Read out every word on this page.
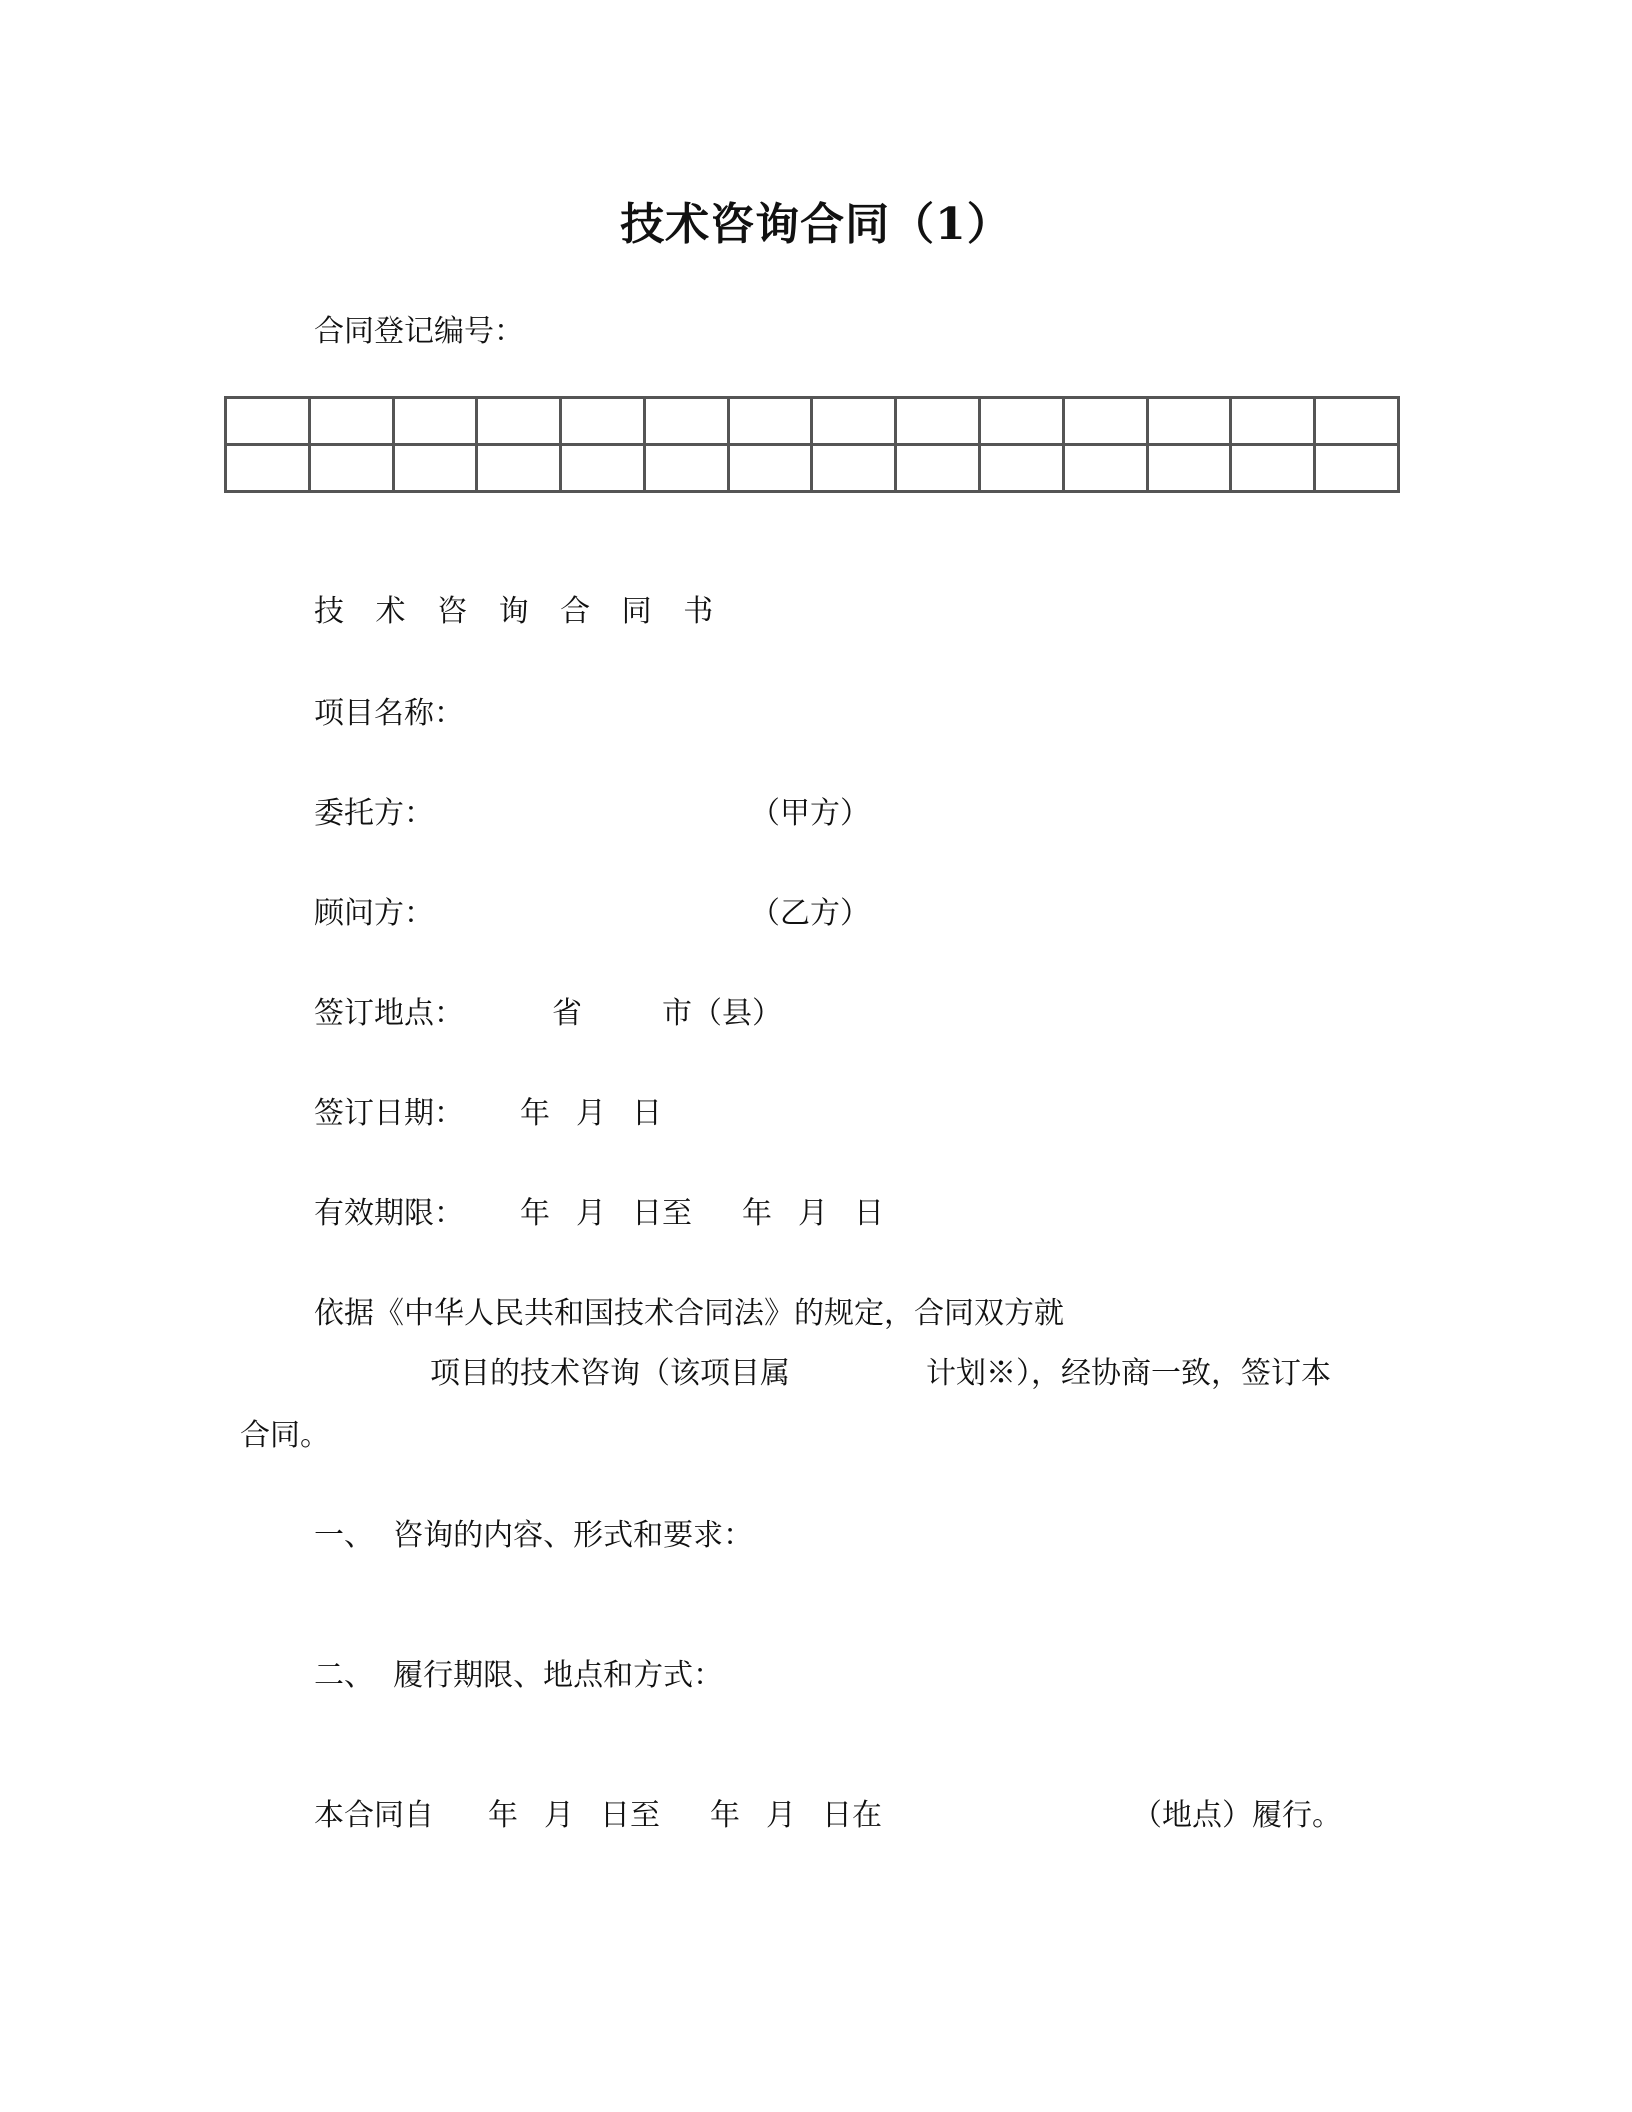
技术咨询合同（1）
合同登记编号：

技 术 咨 询 合 同 书
项目名称：
委托方：	（甲方）
顾问方：	（乙方）
签订地点：	省	市（县）
签订日期： 年 月 日
有效期限： 年 月 日至 年 月 日
依据《中华人民共和国技术合同法》的规定，合同双方就
项目的技术咨询（该项目属	计划※），经协商一致，签订本
合同。
一、  咨询的内容、形式和要求：
二、  履行期限、地点和方式：
本合同自 年 月 日至 年 月 日在	（地点）履行。
